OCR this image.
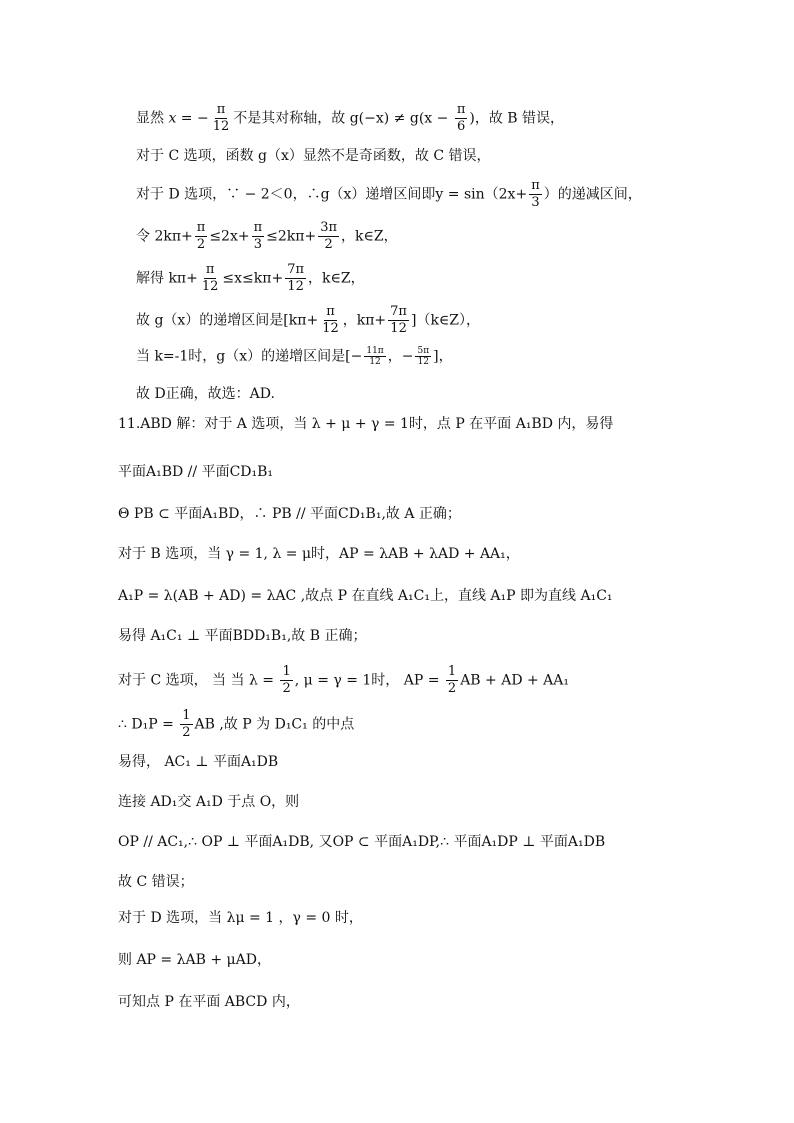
显然 x = − $\frac{\pi}{12}$ 不是其对称轴，故 $g(-x) \ne g(x - \frac{\pi}{6}$ )，故 B 错误，
对于 C 选项，函数 g（x）显然不是奇函数，故 C 错误，
对于 D 选项，∵ − 2＜0，∴g（x）递增区间即$y = \sin(2x+ \frac{\pi}{3}$ ）的递减区间，
令 $2k\pi+ \frac{\pi}{2} \le 2x+ \frac{\pi}{3} \le 2k\pi+ \frac{3\pi}{2}$ ，k∈Z，
解得 $k\pi+ \frac{\pi}{12} \le x\le k\pi+ \frac{7\pi}{12}$ ，k∈Z，
故 g（x）的递增区间是[$k\pi+ \frac{\pi}{12}$ ，$k\pi+ \frac{7\pi}{12}$ ]（k∈Z），
当 k=-1时，g（x）的递增区间是[− $\frac{11\pi}{12}$ ，− $\frac{5\pi}{12}$ ]，
故 D正确，故选：AD.
11.ABD 解：对于 A 选项，当 λ + μ + γ = 1时，点 P 在平面 A₁BD 内，易得
平面A₁BD // 平面CD₁B₁
Θ PB ⊂ 平面A₁BD，∴ PB // 平面CD₁B₁,故 A 正确；
对于 B 选项，当 γ = 1, λ = μ时，AP = λAB + λAD + AA₁，
A₁P = λ(AB + AD) = λAC ,故点 P 在直线 A₁C₁上，直线 A₁P 即为直线 A₁C₁
易得 A₁C₁ ⊥ 平面BDD₁B₁,故 B 正确；
对于 C 选项， 当 当 $\lambda = \frac{1}{2}$ , μ = γ = 1时， AP = $\frac{1}{2}$ AB + AD + AA₁
∴ $D_1P = \frac{1}{2}$ AB ,故 P 为 D₁C₁ 的中点
易得， AC₁ ⊥ 平面A₁DB
连接 AD₁交 A₁D 于点 O，则
OP // AC₁,∴ OP ⊥ 平面A₁DB, 又OP ⊂ 平面A₁DP,∴ 平面A₁DP ⊥ 平面A₁DB
故 C 错误；
对于 D 选项，当 λμ = 1 ，γ = 0 时，
则 AP = λAB + μAD，
可知点 P 在平面 ABCD 内，
